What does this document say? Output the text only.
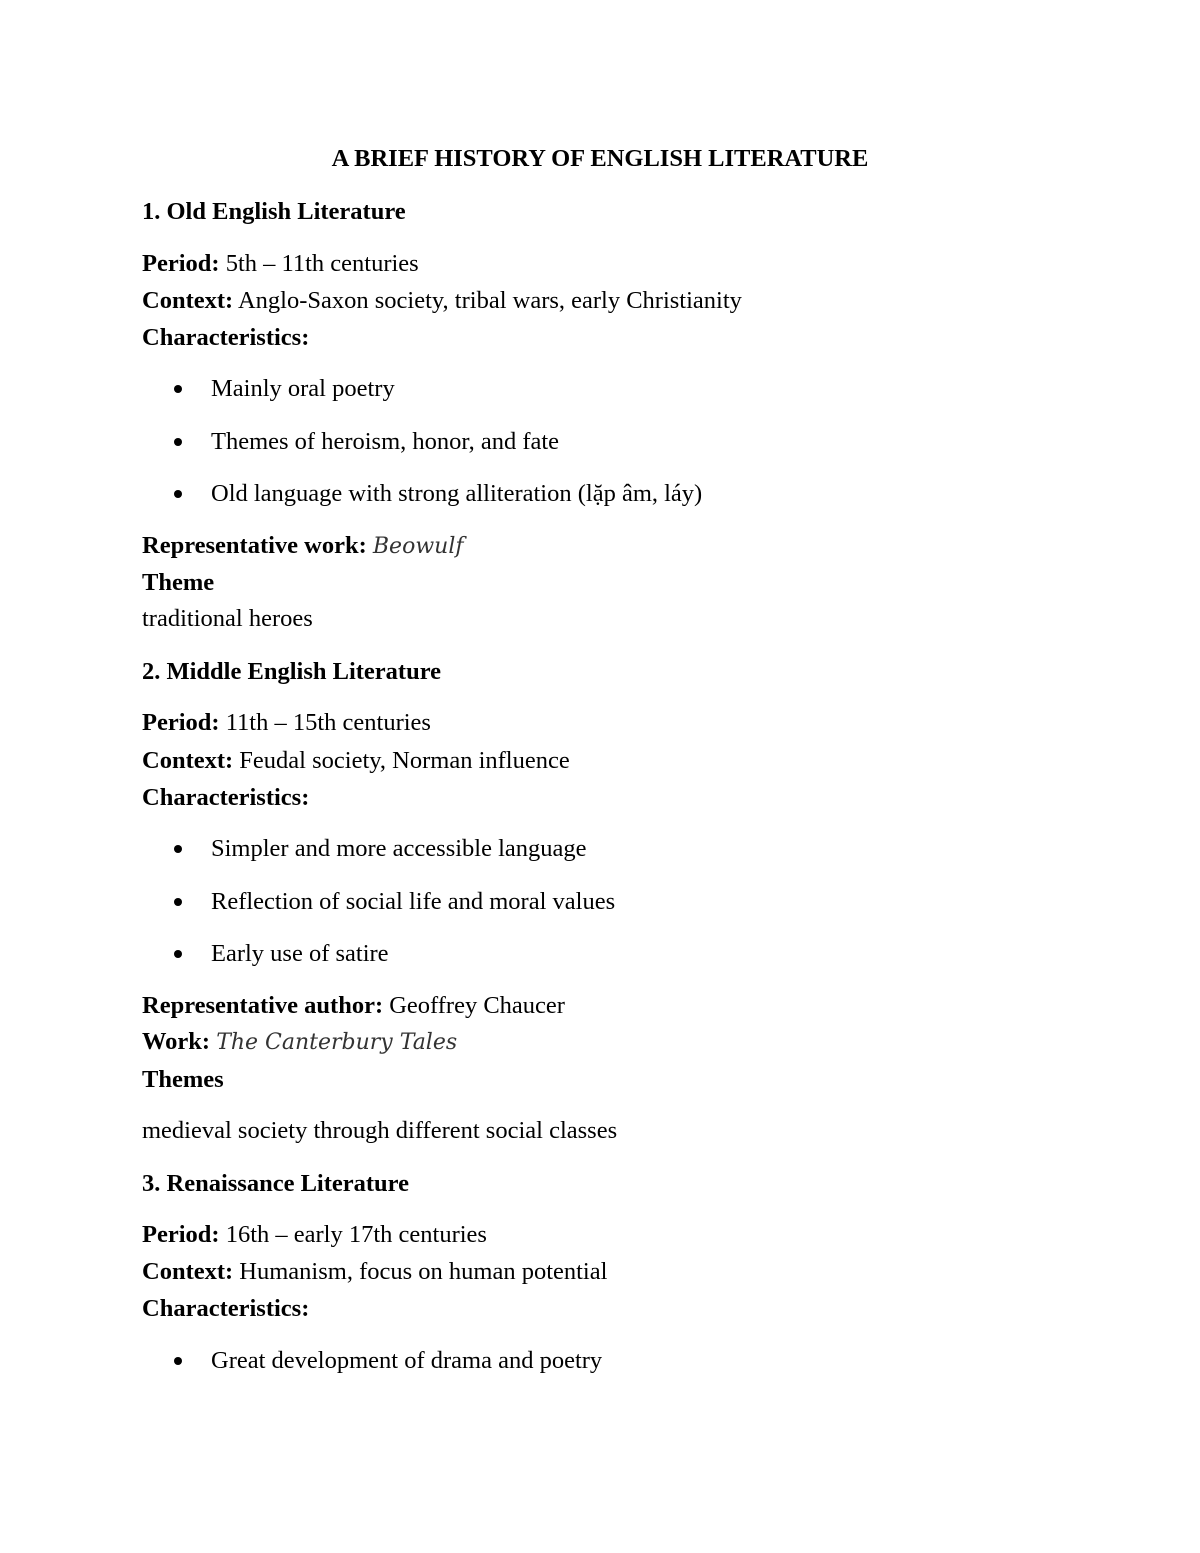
A BRIEF HISTORY OF ENGLISH LITERATURE
1. Old English Literature
Period: 5th – 11th centuries
Context: Anglo-Saxon society, tribal wars, early Christianity
Characteristics:
Mainly oral poetry
Themes of heroism, honor, and fate
Old language with strong alliteration (lặp âm, láy)
Representative work: Beowulf
Theme
traditional heroes
2. Middle English Literature
Period: 11th – 15th centuries
Context: Feudal society, Norman influence
Characteristics:
Simpler and more accessible language
Reflection of social life and moral values
Early use of satire
Representative author: Geoffrey Chaucer
Work: The Canterbury Tales
Themes
medieval society through different social classes
3. Renaissance Literature
Period: 16th – early 17th centuries
Context: Humanism, focus on human potential
Characteristics:
Great development of drama and poetry
